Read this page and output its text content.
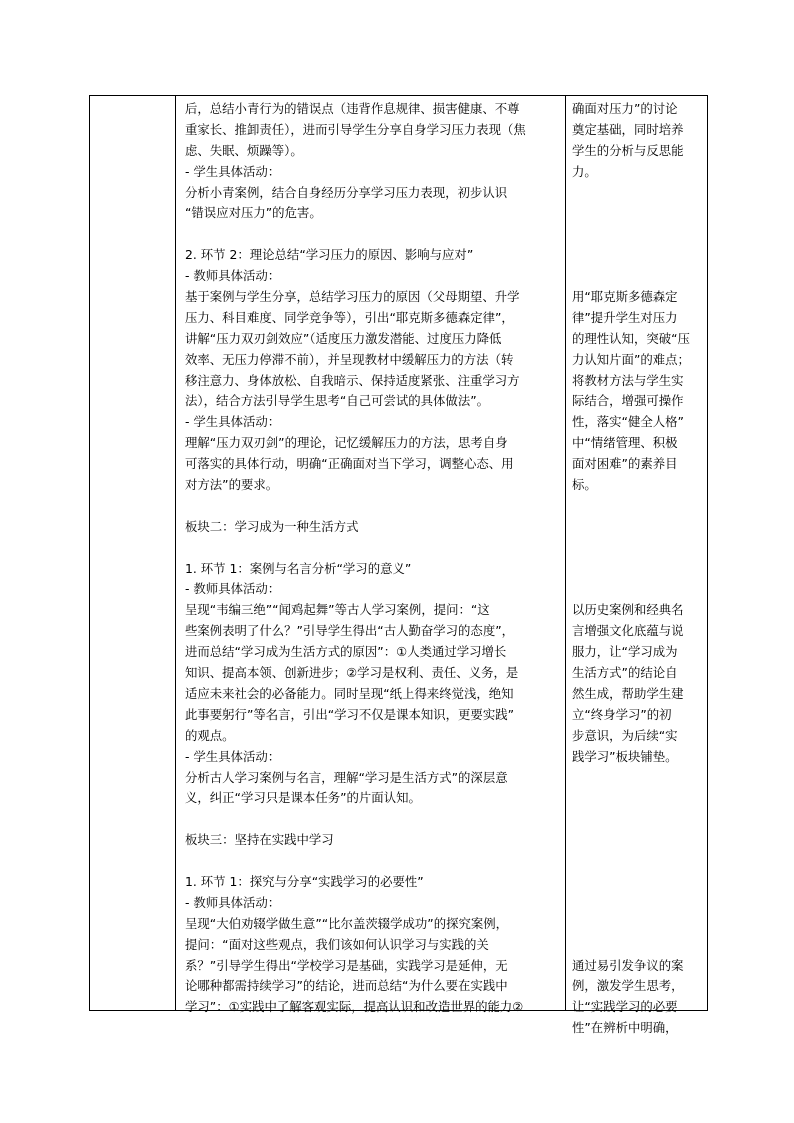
后，总结小青行为的错误点（违背作息规律、损害健康、不尊
重家长、推卸责任），进而引导学生分享自身学习压力表现（焦
虑、失眠、烦躁等）。
- 学生具体活动：
分析小青案例，结合自身经历分享学习压力表现，初步认识
“错误应对压力”的危害。
2. 环节 2：理论总结“学习压力的原因、影响与应对”
- 教师具体活动：
基于案例与学生分享，总结学习压力的原因（父母期望、升学
压力、科目难度、同学竞争等），引出“耶克斯多德森定律”，
讲解“压力双刃剑效应”（适度压力激发潜能、过度压力降低
效率、无压力停滞不前），并呈现教材中缓解压力的方法（转
移注意力、身体放松、自我暗示、保持适度紧张、注重学习方
法），结合方法引导学生思考“自己可尝试的具体做法”。
- 学生具体活动：
理解“压力双刃剑”的理论，记忆缓解压力的方法，思考自身
可落实的具体行动，明确“正确面对当下学习，调整心态、用
对方法”的要求。
板块二：学习成为一种生活方式
1. 环节 1：案例与名言分析“学习的意义”
- 教师具体活动：
呈现“韦编三绝”“闻鸡起舞”等古人学习案例，提问：“这
些案例表明了什么？”引导学生得出“古人勤奋学习的态度”，
进而总结“学习成为生活方式的原因”：①人类通过学习增长
知识、提高本领、创新进步；②学习是权利、责任、义务，是
适应未来社会的必备能力。同时呈现“纸上得来终觉浅，绝知
此事要躬行”等名言，引出“学习不仅是课本知识，更要实践”
的观点。
- 学生具体活动：
分析古人学习案例与名言，理解“学习是生活方式”的深层意
义，纠正“学习只是课本任务”的片面认知。
板块三：坚持在实践中学习
1. 环节 1：探究与分享“实践学习的必要性”
- 教师具体活动：
呈现“大伯劝辍学做生意”“比尔盖茨辍学成功”的探究案例，
提问：“面对这些观点，我们该如何认识学习与实践的关
系？”引导学生得出“学校学习是基础，实践学习是延伸，无
论哪种都需持续学习”的结论，进而总结“为什么要在实践中
学习”：①实践中了解客观实际，提高认识和改造世界的能力②
确面对压力”的讨论
奠定基础，同时培养
学生的分析与反思能
力。
用“耶克斯多德森定
律”提升学生对压力
的理性认知，突破“压
力认知片面”的难点；
将教材方法与学生实
际结合，增强可操作
性，落实“健全人格”
中“情绪管理、积极
面对困难”的素养目
标。
以历史案例和经典名
言增强文化底蕴与说
服力，让“学习成为
生活方式”的结论自
然生成，帮助学生建
立“终身学习”的初
步意识，为后续“实
践学习”板块铺垫。
通过易引发争议的案
例，激发学生思考，
让“实践学习的必要
性”在辨析中明确，
